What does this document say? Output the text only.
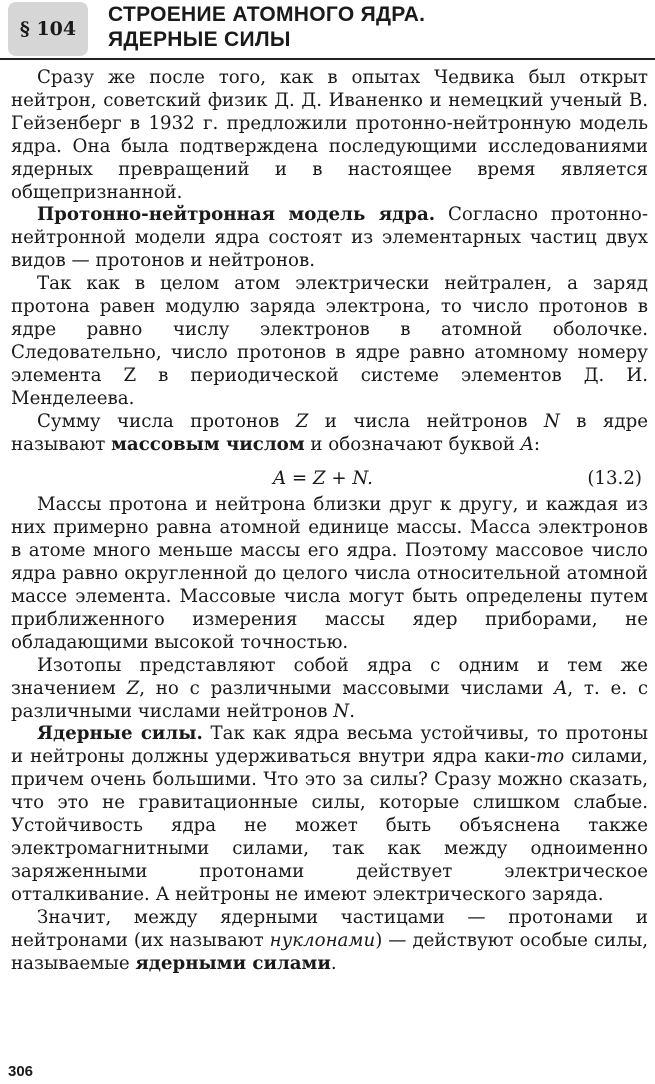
§ 104
СТРОЕНИЕ АТОМНОГО ЯДРА.
ЯДЕРНЫЕ СИЛЫ

Сразу же после того, как в опытах Чедвика был открыт нейтрон, советский физик Д. Д. Иваненко и немецкий ученый В. Гейзенберг в 1932 г. предложили протонно-нейтронную модель ядра. Она была подтверждена последующими исследованиями ядерных превращений и в настоящее время является общепризнанной.

Протонно-нейтронная модель ядра. Согласно протонно-нейтронной модели ядра состоят из элементарных частиц двух видов — протонов и нейтронов.

Так как в целом атом электрически нейтрален, а заряд протона равен модулю заряда электрона, то число протонов в ядре равно числу электронов в атомной оболочке. Следовательно, число протонов в ядре равно атомному номеру элемента Z в периодической системе элементов Д. И. Менделеева.

Сумму числа протонов Z и числа нейтронов N в ядре называют массовым числом и обозначают буквой A:

A = Z + N.	(13.2)

Массы протона и нейтрона близки друг к другу, и каждая из них примерно равна атомной единице массы. Масса электронов в атоме много меньше массы его ядра. Поэтому массовое число ядра равно округленной до целого числа относительной атомной массе элемента. Массовые числа могут быть определены путем приближенного измерения массы ядер приборами, не обладающими высокой точностью.

Изотопы представляют собой ядра с одним и тем же значением Z, но с различными массовыми числами A, т. е. с различными числами нейтронов N.

Ядерные силы. Так как ядра весьма устойчивы, то протоны и нейтроны должны удерживаться внутри ядра каки-то силами, причем очень большими. Что это за силы? Сразу можно сказать, что это не гравитационные силы, которые слишком слабые. Устойчивость ядра не может быть объяснена также электромагнитными силами, так как между одноименно заряженными протонами действует электрическое отталкивание. А нейтроны не имеют электрического заряда.

Значит, между ядерными частицами — протонами и нейтронами (их называют нуклонами) — действуют особые силы, называемые ядерными силами.

306
